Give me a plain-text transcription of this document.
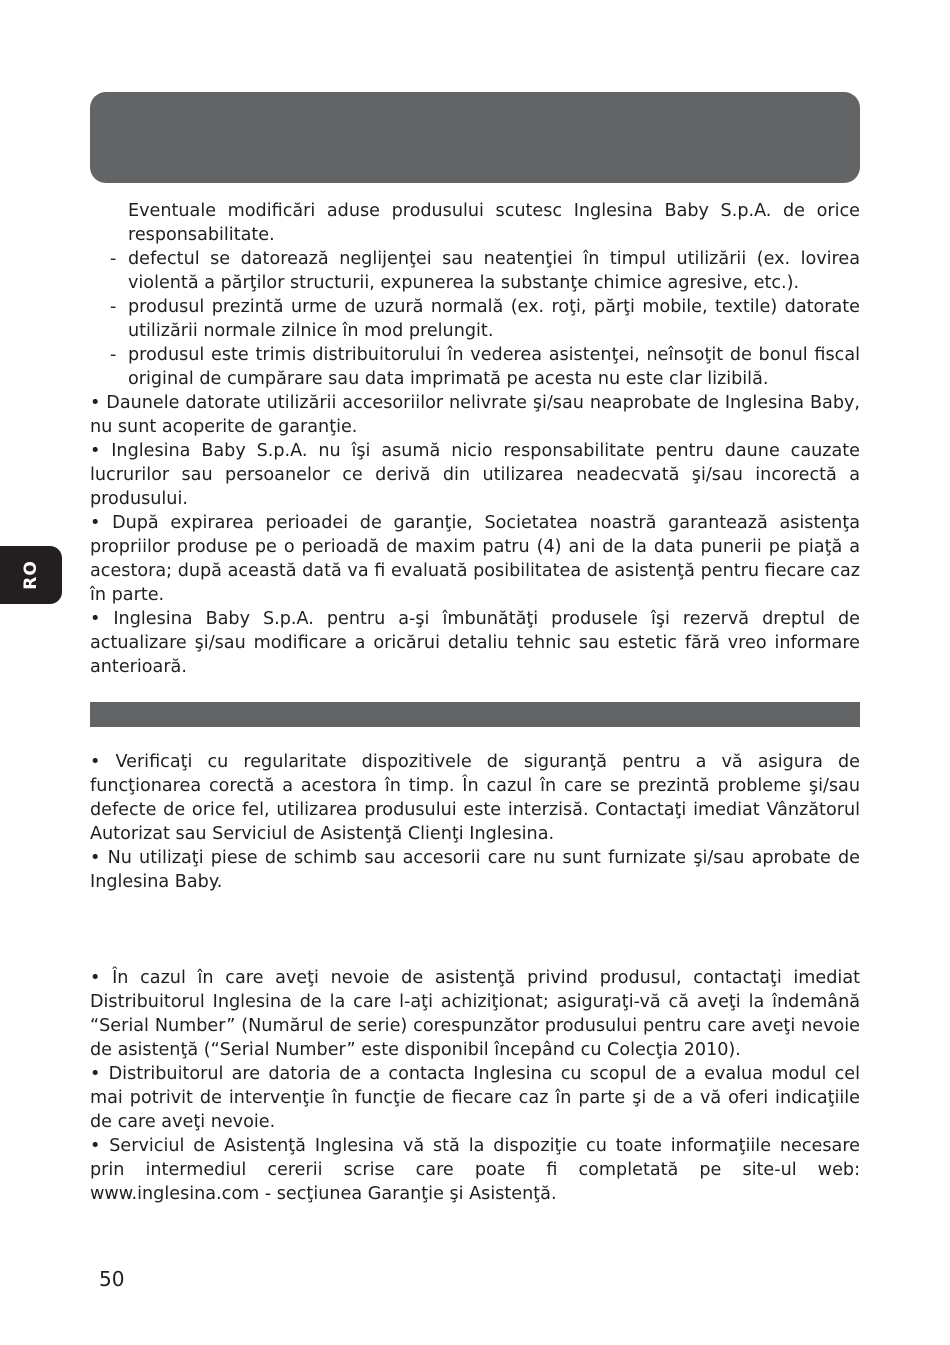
RO

Eventuale modificări aduse produsului scutesc Inglesina Baby S.p.A. de orice responsabilitate.

- defectul se datorează neglijenţei sau neatenţiei în timpul utilizării (ex. lovirea violentă a părţilor structurii, expunerea la substanţe chimice agresive, etc.).

- produsul prezintă urme de uzură normală (ex. roţi, părţi mobile, textile) datorate utilizării normale zilnice în mod prelungit.

- produsul este trimis distribuitorului în vederea asistenţei, neînsoţit de bonul fiscal original de cumpărare sau data imprimată pe acesta nu este clar lizibilă.

• Daunele datorate utilizării accesoriilor nelivrate şi/sau neaprobate de Inglesina Baby, nu sunt acoperite de garanţie.

• Inglesina Baby S.p.A. nu îşi asumă nicio responsabilitate pentru daune cauzate lucrurilor sau persoanelor ce derivă din utilizarea neadecvată şi/sau incorectă a produsului.

• După expirarea perioadei de garanţie, Societatea noastră garantează asistenţa propriilor produse pe o perioadă de maxim patru (4) ani de la data punerii pe piaţă a acestora; după această dată va fi evaluată posibilitatea de asistenţă pentru fiecare caz în parte.

• Inglesina Baby S.p.A. pentru a-şi îmbunătăţi produsele îşi rezervă dreptul de actualizare şi/sau modificare a oricărui detaliu tehnic sau estetic fără vreo informare anterioară.

• Verificaţi cu regularitate dispozitivele de siguranţă pentru a vă asigura de funcţionarea corectă a acestora în timp. În cazul în care se prezintă probleme şi/sau defecte de orice fel, utilizarea produsului este interzisă. Contactaţi imediat Vânzătorul Autorizat sau Serviciul de Asistenţă Clienţi Inglesina.

• Nu utilizaţi piese de schimb sau accesorii care nu sunt furnizate şi/sau aprobate de Inglesina Baby.

• În cazul în care aveţi nevoie de asistenţă privind produsul, contactaţi imediat Distribuitorul Inglesina de la care l-aţi achiziţionat; asiguraţi-vă că aveţi la îndemână “Serial Number” (Numărul de serie) corespunzător produsului pentru care aveţi nevoie de asistenţă (“Serial Number” este disponibil începând cu Colecţia 2010).

• Distribuitorul are datoria de a contacta Inglesina cu scopul de a evalua modul cel mai potrivit de intervenţie în funcţie de fiecare caz în parte şi de a vă oferi indicaţiile de care aveţi nevoie.

• Serviciul de Asistenţă Inglesina vă stă la dispoziţie cu toate informaţiile necesare prin intermediul cererii scrise care poate fi completată pe site-ul web: www.inglesina.com - secţiunea Garanţie şi Asistenţă.

50
